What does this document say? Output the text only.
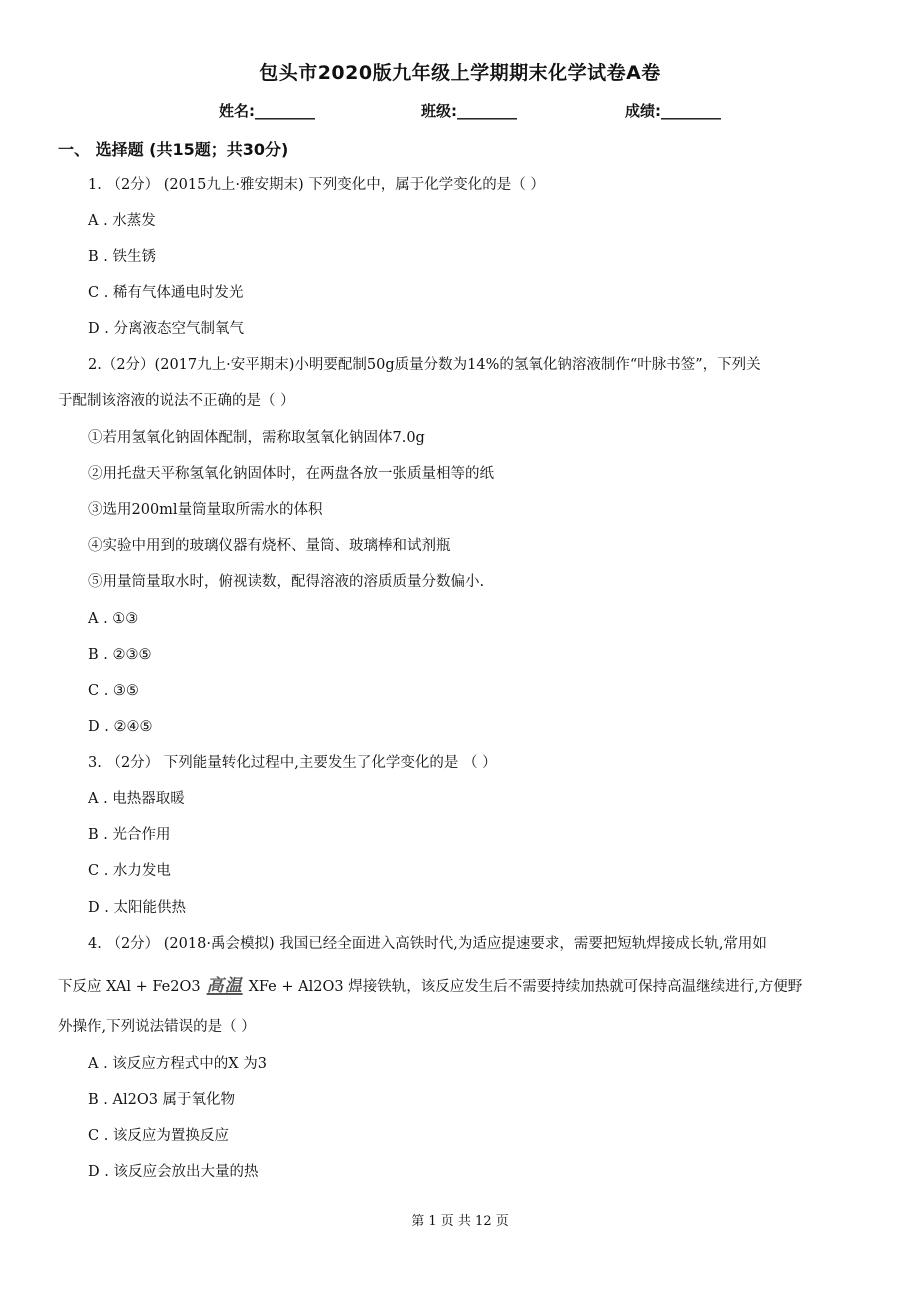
包头市2020版九年级上学期期末化学试卷A卷
姓名:________	班级:________	成绩:________
一、 选择题 (共15题；共30分)
1. （2分） (2015九上·雅安期末) 下列变化中，属于化学变化的是（ ）
A . 水蒸发
B . 铁生锈
C . 稀有气体通电时发光
D . 分离液态空气制氧气
2.（2分）(2017九上·安平期末)小明要配制50g质量分数为14%的氢氧化钠溶液制作“叶脉书签”，下列关
于配制该溶液的说法不正确的是（ ）
①若用氢氧化钠固体配制，需称取氢氧化钠固体7.0g
②用托盘天平称氢氧化钠固体时，在两盘各放一张质量相等的纸
③选用200ml量筒量取所需水的体积
④实验中用到的玻璃仪器有烧杯、量筒、玻璃棒和试剂瓶
⑤用量筒量取水时，俯视读数，配得溶液的溶质质量分数偏小.
A . ①③
B . ②③⑤
C . ③⑤
D . ②④⑤
3. （2分） 下列能量转化过程中,主要发生了化学变化的是 （ ）
A . 电热器取暖
B . 光合作用
C . 水力发电
D . 太阳能供热
4. （2分） (2018·禹会模拟) 我国已经全面进入高铁时代,为适应提速要求，需要把短轨焊接成长轨,常用如
下反应 XAl + Fe2O3 高温 XFe + Al2O3 焊接铁轨，该反应发生后不需要持续加热就可保持高温继续进行,方便野
外操作,下列说法错误的是（ ）
A . 该反应方程式中的X 为3
B . Al2O3 属于氧化物
C . 该反应为置换反应
D . 该反应会放出大量的热
第 1 页 共 12 页
